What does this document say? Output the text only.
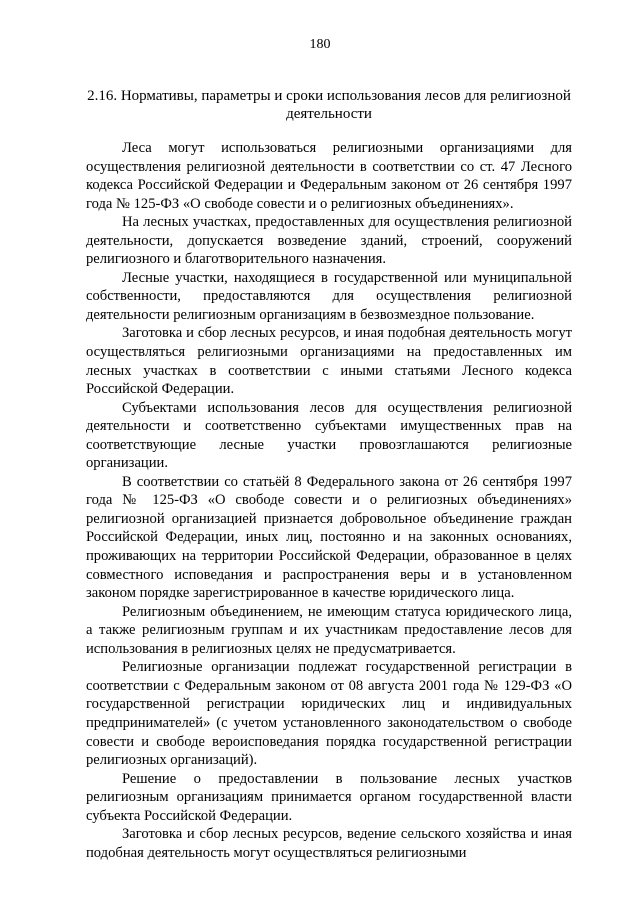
180
2.16. Нормативы, параметры и сроки использования лесов для религиозной деятельности

Леса могут использоваться религиозными организациями для осуществления религиозной деятельности в соответствии со ст. 47 Лесного кодекса Российской Федерации и Федеральным законом от 26 сентября 1997 года № 125-ФЗ «О свободе совести и о религиозных объединениях».

На лесных участках, предоставленных для осуществления религиозной деятельности, допускается возведение зданий, строений, сооружений религиозного и благотворительного назначения.

Лесные участки, находящиеся в государственной или муниципальной собственности, предоставляются для осуществления религиозной деятельности религиозным организациям в безвозмездное пользование.

Заготовка и сбор лесных ресурсов, и иная подобная деятельность могут осуществляться религиозными организациями на предоставленных им лесных участках в соответствии с иными статьями Лесного кодекса Российской Федерации.

Субъектами использования лесов для осуществления религиозной деятельности и соответственно субъектами имущественных прав на соответствующие лесные участки провозглашаются религиозные организации.

В соответствии со статьёй 8 Федерального закона от 26 сентября 1997 года № 125-ФЗ «О свободе совести и о религиозных объединениях» религиозной организацией признается добровольное объединение граждан Российской Федерации, иных лиц, постоянно и на законных основаниях, проживающих на территории Российской Федерации, образованное в целях совместного исповедания и распространения веры и в установленном законом порядке зарегистрированное в качестве юридического лица.

Религиозным объединением, не имеющим статуса юридического лица, а также религиозным группам и их участникам предоставление лесов для использования в религиозных целях не предусматривается.

Религиозные организации подлежат государственной регистрации в соответствии с Федеральным законом от 08 августа 2001 года № 129-ФЗ «О государственной регистрации юридических лиц и индивидуальных предпринимателей» (с учетом установленного законодательством о свободе совести и свободе вероисповедания порядка государственной регистрации религиозных организаций).

Решение о предоставлении в пользование лесных участков религиозным организациям принимается органом государственной власти субъекта Российской Федерации.

Заготовка и сбор лесных ресурсов, ведение сельского хозяйства и иная подобная деятельность могут осуществляться религиозными
